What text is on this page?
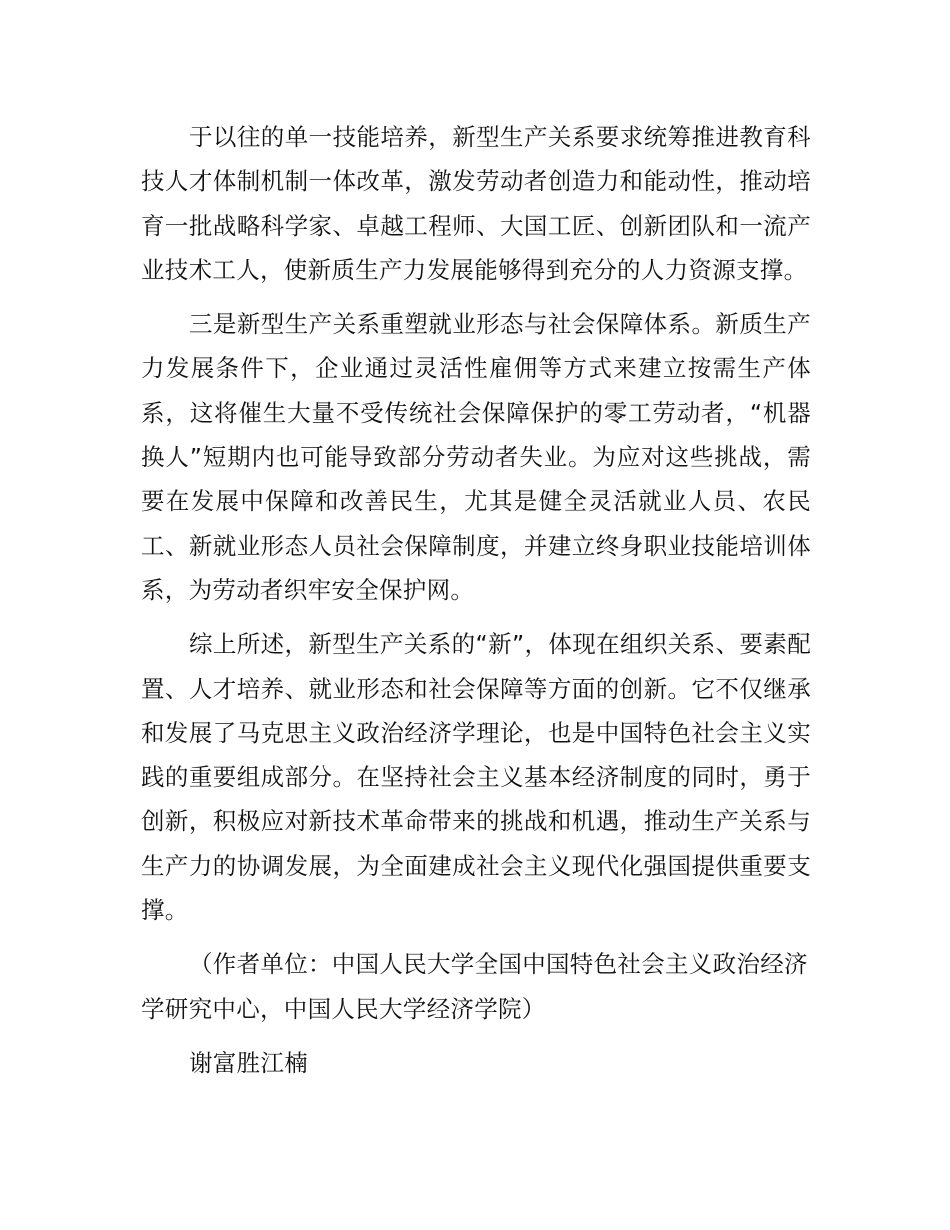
于以往的单一技能培养，新型生产关系要求统筹推进教育科技人才体制机制一体改革，激发劳动者创造力和能动性，推动培育一批战略科学家、卓越工程师、大国工匠、创新团队和一流产业技术工人，使新质生产力发展能够得到充分的人力资源支撑。

三是新型生产关系重塑就业形态与社会保障体系。新质生产力发展条件下，企业通过灵活性雇佣等方式来建立按需生产体系，这将催生大量不受传统社会保障保护的零工劳动者，“机器换人”短期内也可能导致部分劳动者失业。为应对这些挑战，需要在发展中保障和改善民生，尤其是健全灵活就业人员、农民工、新就业形态人员社会保障制度，并建立终身职业技能培训体系，为劳动者织牢安全保护网。

综上所述，新型生产关系的“新”，体现在组织关系、要素配置、人才培养、就业形态和社会保障等方面的创新。它不仅继承和发展了马克思主义政治经济学理论，也是中国特色社会主义实践的重要组成部分。在坚持社会主义基本经济制度的同时，勇于创新，积极应对新技术革命带来的挑战和机遇，推动生产关系与生产力的协调发展，为全面建成社会主义现代化强国提供重要支撑。

（作者单位：中国人民大学全国中国特色社会主义政治经济学研究中心，中国人民大学经济学院）

谢富胜江楠
